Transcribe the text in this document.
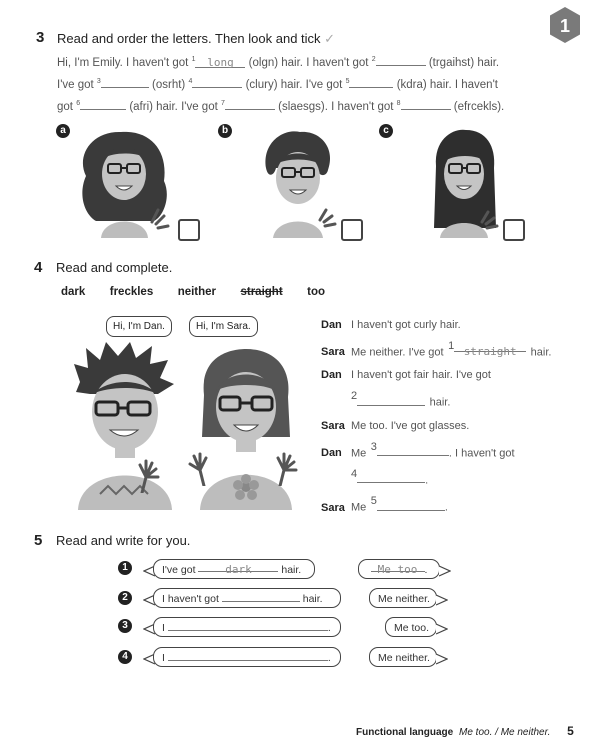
1
3 Read and order the letters. Then look and tick ✓
Hi, I'm Emily. I haven't got $^1$ long (olgn) hair. I haven't got $^2$	(trgaihst) hair.
I've got $^3$	(osrht) $^4$	(clury) hair. I've got $^5$	(kdra) hair. I haven't
got $^6$	(afri) hair. I've got $^7$	(slaesgs). I haven't got $^8$	(efrcekls).
a	b	c
4 Read and complete.
dark freckles neither straight too
Hi, I'm Dan.	Hi, I'm Sara.	Dan I haven't got curly hair.
Sara Me neither. I've got $^1$ straight hair.
Dan I haven't got fair hair. I've got
$^2$ hair.
Sara Me too. I've got glasses.
Dan Me $^3$. I haven't got
$^4$.
Sara Me $^5$.
5 Read and write for you.
1	I've got	dark	hair.	Me too .
2	I haven't got	hair.	Me neither.
3	I	.	Me too.
4	I	.	Me neither.
Functional language Me too. / Me neither. 5
